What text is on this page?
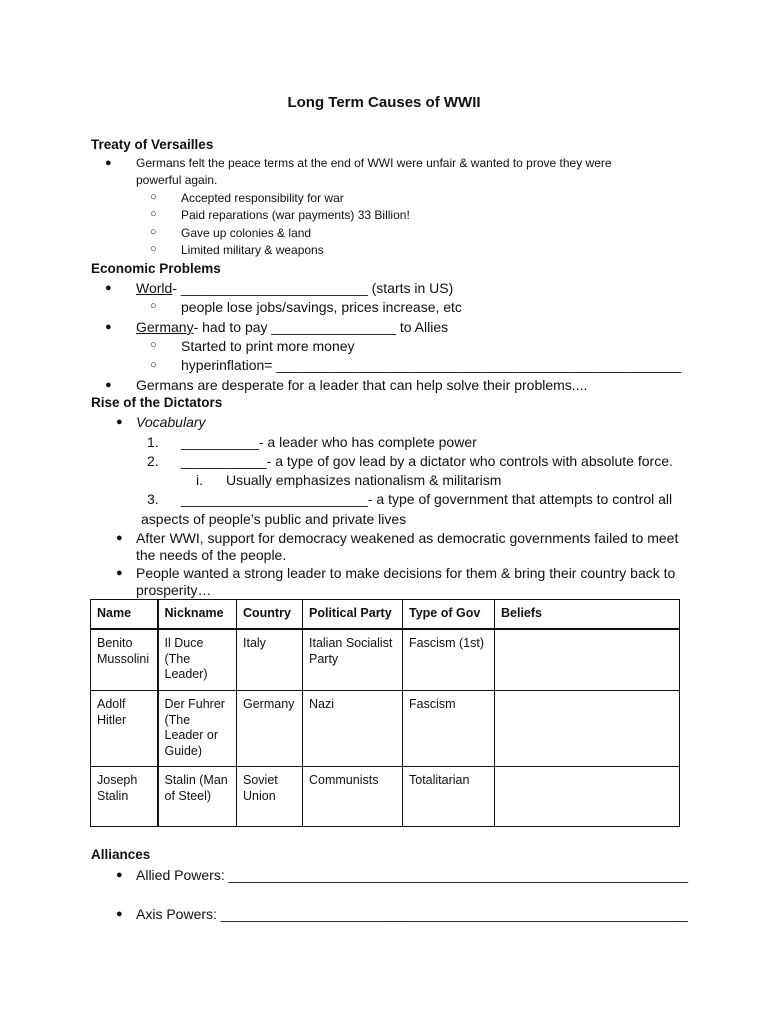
Long Term Causes of WWII
Treaty of Versailles
● Germans felt the peace terms at the end of WWI were unfair & wanted to prove they were
powerful again.
○ Accepted responsibility for war
○ Paid reparations (war payments) 33 Billion!
○ Gave up colonies & land
○ Limited military & weapons
Economic Problems
● World- ________________________ (starts in US)
○ people lose jobs/savings, prices increase, etc
● Germany- had to pay ________________ to Allies
○ Started to print more money
○ hyperinflation= ____________________________________________________
● Germans are desperate for a leader that can help solve their problems....
Rise of the Dictators
● Vocabulary
1. __________- a leader who has complete power
2. ___________- a type of gov lead by a dictator who controls with absolute force.
i. Usually emphasizes nationalism & militarism
3. ________________________- a type of government that attempts to control all
aspects of people’s public and private lives
● After WWI, support for democracy weakened as democratic governments failed to meet
the needs of the people.
● People wanted a strong leader to make decisions for them & bring their country back to
prosperity…
Name	Nickname	Country	Political Party	Type of Gov	Beliefs
Benito Mussolini	Il Duce (The Leader)	Italy	Italian Socialist Party	Fascism (1st)	
Adolf Hitler	Der Fuhrer (The Leader or Guide)	Germany	Nazi	Fascism	
Joseph Stalin	Stalin (Man of Steel)	Soviet Union	Communists	Totalitarian	
Alliances
● Allied Powers: ___________________________________________________________
● Axis Powers: ____________________________________________________________
